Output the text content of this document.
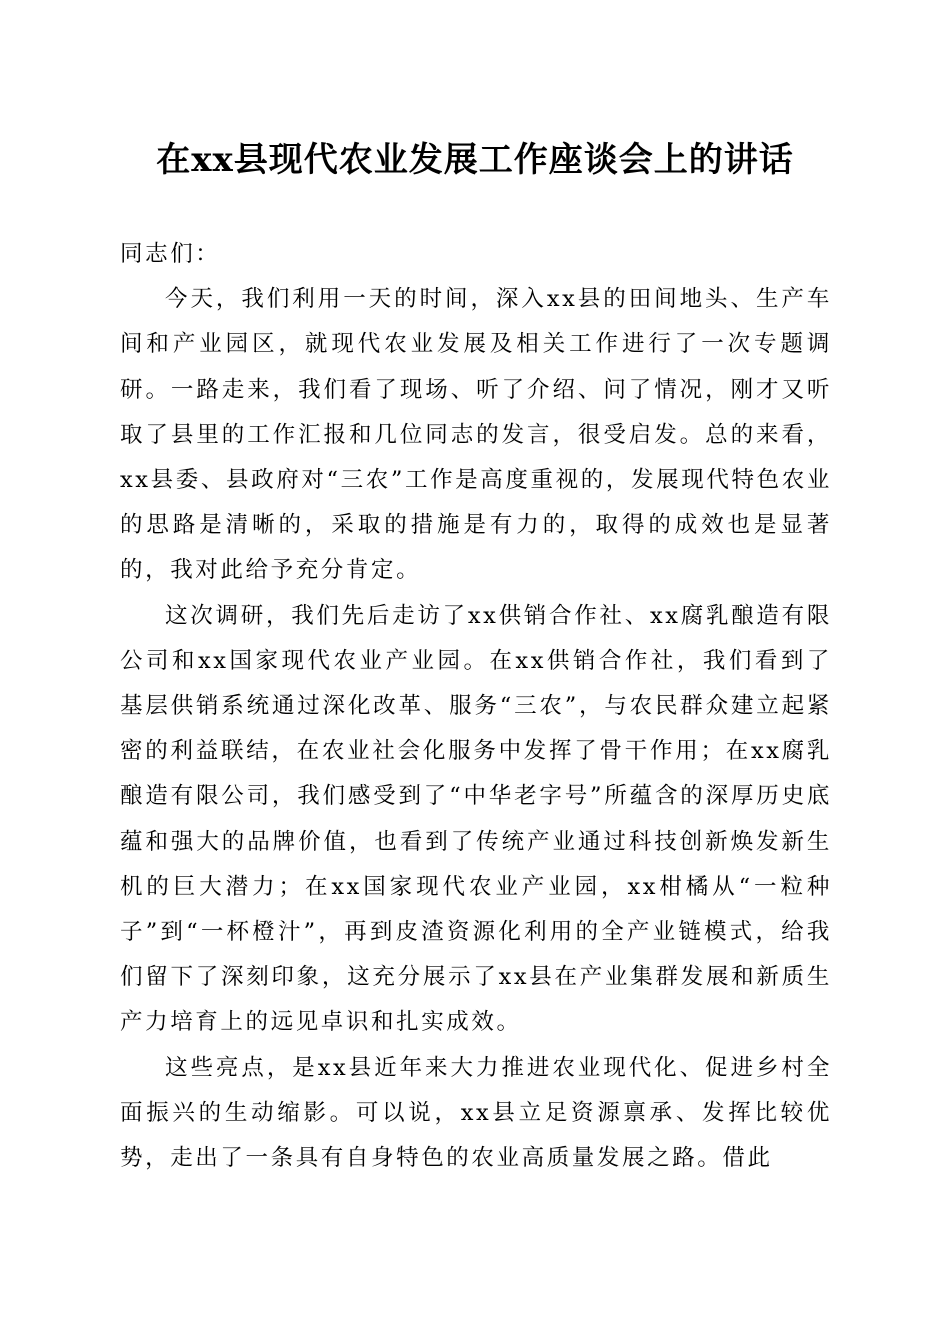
在xx县现代农业发展工作座谈会上的讲话

同志们：

今天，我们利用一天的时间，深入xx县的田间地头、生产车间和产业园区，就现代农业发展及相关工作进行了一次专题调研。一路走来，我们看了现场、听了介绍、问了情况，刚才又听取了县里的工作汇报和几位同志的发言，很受启发。总的来看，xx县委、县政府对“三农”工作是高度重视的，发展现代特色农业的思路是清晰的，采取的措施是有力的，取得的成效也是显著的，我对此给予充分肯定。

这次调研，我们先后走访了xx供销合作社、xx腐乳酿造有限公司和xx国家现代农业产业园。在xx供销合作社，我们看到了基层供销系统通过深化改革、服务“三农”，与农民群众建立起紧密的利益联结，在农业社会化服务中发挥了骨干作用；在xx腐乳酿造有限公司，我们感受到了“中华老字号”所蕴含的深厚历史底蕴和强大的品牌价值，也看到了传统产业通过科技创新焕发新生机的巨大潜力；在xx国家现代农业产业园，xx柑橘从“一粒种子”到“一杯橙汁”，再到皮渣资源化利用的全产业链模式，给我们留下了深刻印象，这充分展示了xx县在产业集群发展和新质生产力培育上的远见卓识和扎实成效。

这些亮点，是xx县近年来大力推进农业现代化、促进乡村全面振兴的生动缩影。可以说，xx县立足资源禀承、发挥比较优势，走出了一条具有自身特色的农业高质量发展之路。借此
